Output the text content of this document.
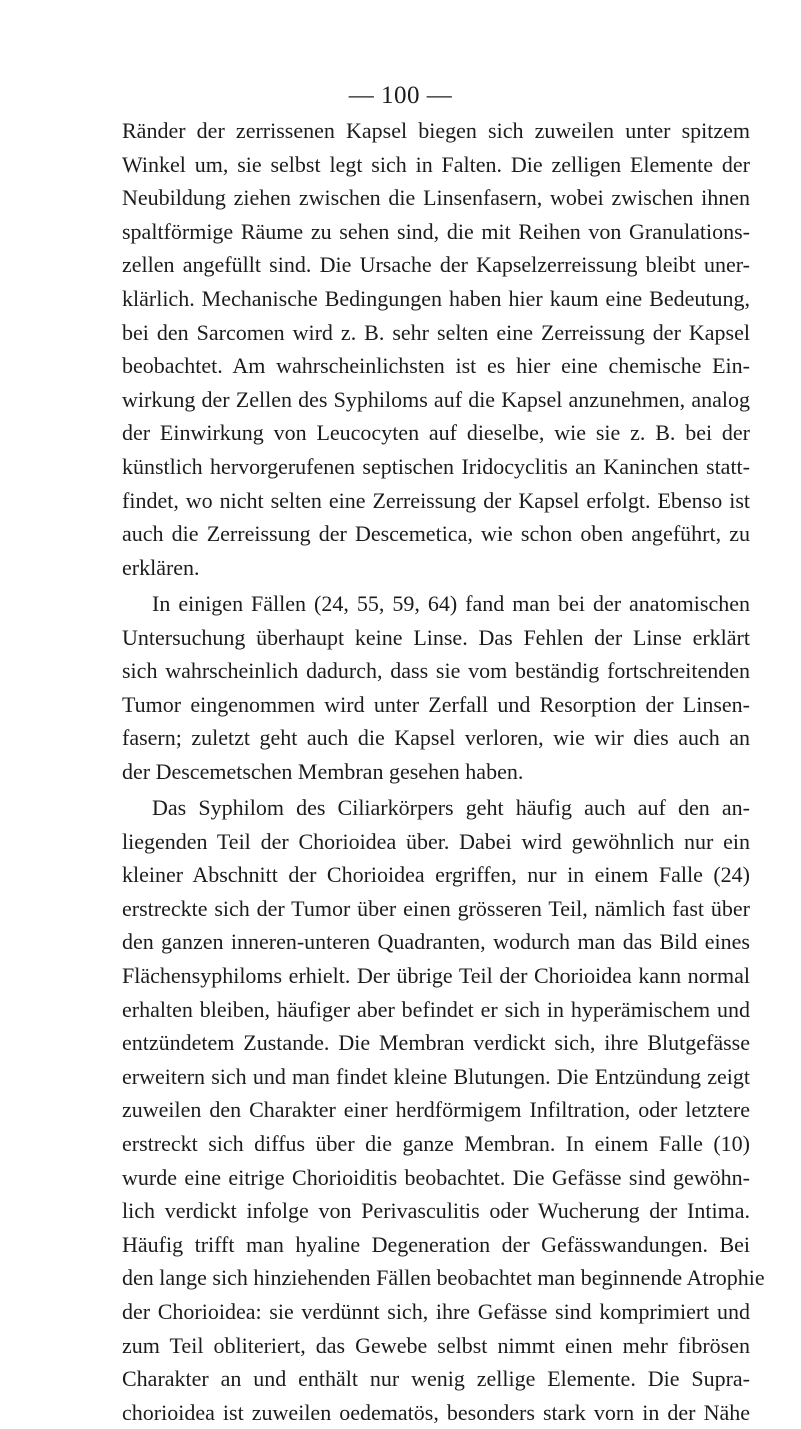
— 100 —
Ränder der zerrissenen Kapsel biegen sich zuweilen unter spitzem
Winkel um, sie selbst legt sich in Falten. Die zelligen Elemente der
Neubildung ziehen zwischen die Linsenfasern, wobei zwischen ihnen
spaltförmige Räume zu sehen sind, die mit Reihen von Granulations-
zellen angefüllt sind. Die Ursache der Kapselzerreissung bleibt uner-
klärlich. Mechanische Bedingungen haben hier kaum eine Bedeutung,
bei den Sarcomen wird z. B. sehr selten eine Zerreissung der Kapsel
beobachtet. Am wahrscheinlichsten ist es hier eine chemische Ein-
wirkung der Zellen des Syphiloms auf die Kapsel anzunehmen, analog
der Einwirkung von Leucocyten auf dieselbe, wie sie z. B. bei der
künstlich hervorgerufenen septischen Iridocyclitis an Kaninchen statt-
findet, wo nicht selten eine Zerreissung der Kapsel erfolgt. Ebenso ist
auch die Zerreissung der Descemetica, wie schon oben angeführt, zu
erklären.
In einigen Fällen (24, 55, 59, 64) fand man bei der anatomischen
Untersuchung überhaupt keine Linse. Das Fehlen der Linse erklärt
sich wahrscheinlich dadurch, dass sie vom beständig fortschreitenden
Tumor eingenommen wird unter Zerfall und Resorption der Linsen-
fasern; zuletzt geht auch die Kapsel verloren, wie wir dies auch an
der Descemetschen Membran gesehen haben.
Das Syphilom des Ciliarkörpers geht häufig auch auf den an-
liegenden Teil der Chorioidea über. Dabei wird gewöhnlich nur ein
kleiner Abschnitt der Chorioidea ergriffen, nur in einem Falle (24)
erstreckte sich der Tumor über einen grösseren Teil, nämlich fast über
den ganzen inneren-unteren Quadranten, wodurch man das Bild eines
Flächensyphiloms erhielt. Der übrige Teil der Chorioidea kann normal
erhalten bleiben, häufiger aber befindet er sich in hyperämischem und
entzündetem Zustande. Die Membran verdickt sich, ihre Blutgefässe
erweitern sich und man findet kleine Blutungen. Die Entzündung zeigt
zuweilen den Charakter einer herdförmigem Infiltration, oder letztere
erstreckt sich diffus über die ganze Membran. In einem Falle (10)
wurde eine eitrige Chorioiditis beobachtet. Die Gefässe sind gewöhn-
lich verdickt infolge von Perivasculitis oder Wucherung der Intima.
Häufig trifft man hyaline Degeneration der Gefässwandungen. Bei
den lange sich hinziehenden Fällen beobachtet man beginnende Atrophie
der Chorioidea: sie verdünnt sich, ihre Gefässe sind komprimiert und
zum Teil obliteriert, das Gewebe selbst nimmt einen mehr fibrösen
Charakter an und enthält nur wenig zellige Elemente. Die Supra-
chorioidea ist zuweilen oedematös, besonders stark vorn in der Nähe
